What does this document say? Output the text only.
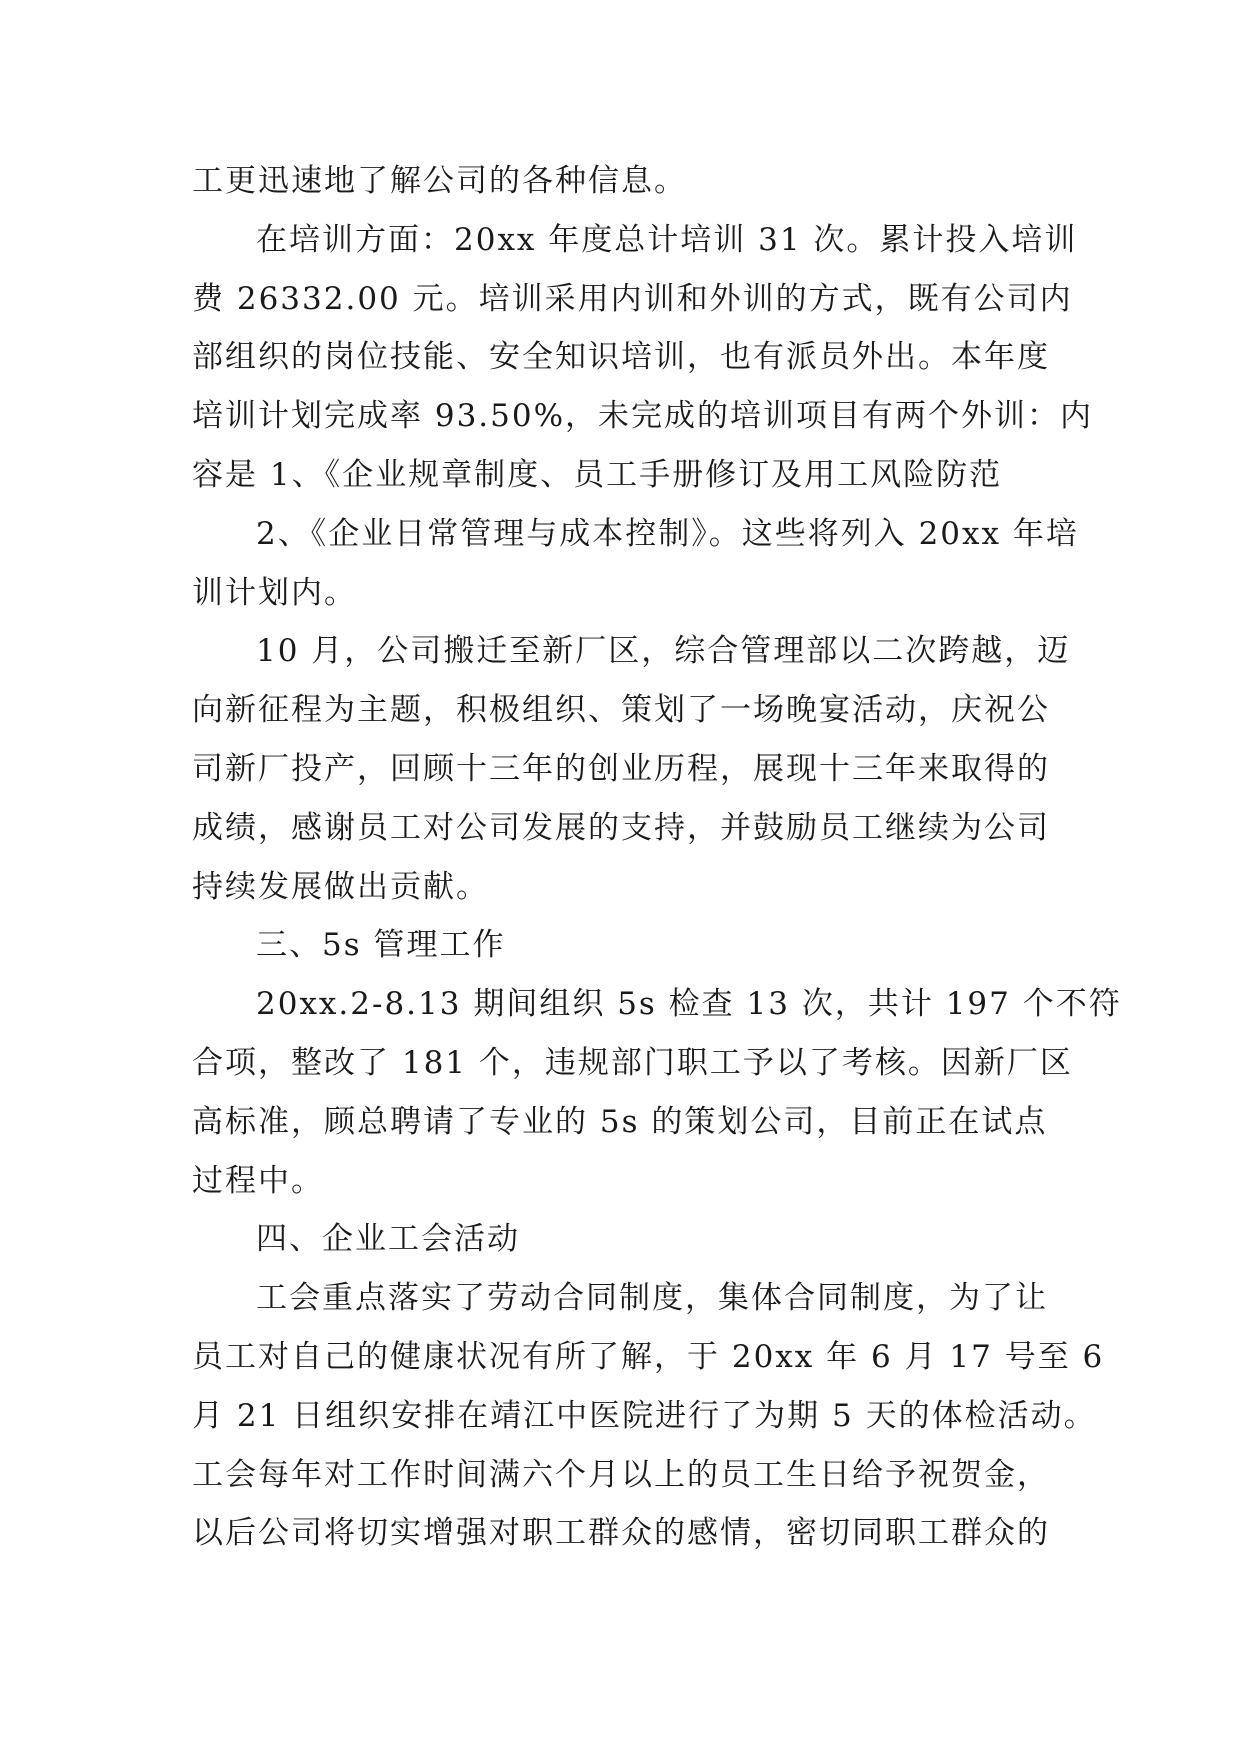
工更迅速地了解公司的各种信息。
在培训方面：20xx 年度总计培训 31 次。累计投入培训
费 26332.00 元。培训采用内训和外训的方式，既有公司内
部组织的岗位技能、安全知识培训，也有派员外出。本年度
培训计划完成率 93.50%，未完成的培训项目有两个外训：内
容是 1、《企业规章制度、员工手册修订及用工风险防范
2、《企业日常管理与成本控制》。这些将列入 20xx 年培
训计划内。
10 月，公司搬迁至新厂区，综合管理部以二次跨越，迈
向新征程为主题，积极组织、策划了一场晚宴活动，庆祝公
司新厂投产，回顾十三年的创业历程，展现十三年来取得的
成绩，感谢员工对公司发展的支持，并鼓励员工继续为公司
持续发展做出贡献。
三、5s 管理工作
20xx.2-8.13 期间组织 5s 检查 13 次，共计 197 个不符
合项，整改了 181 个，违规部门职工予以了考核。因新厂区
高标准，顾总聘请了专业的 5s 的策划公司，目前正在试点
过程中。
四、企业工会活动
工会重点落实了劳动合同制度，集体合同制度，为了让
员工对自己的健康状况有所了解，于 20xx 年 6 月 17 号至 6
月 21 日组织安排在靖江中医院进行了为期 5 天的体检活动。
工会每年对工作时间满六个月以上的员工生日给予祝贺金，
以后公司将切实增强对职工群众的感情，密切同职工群众的
